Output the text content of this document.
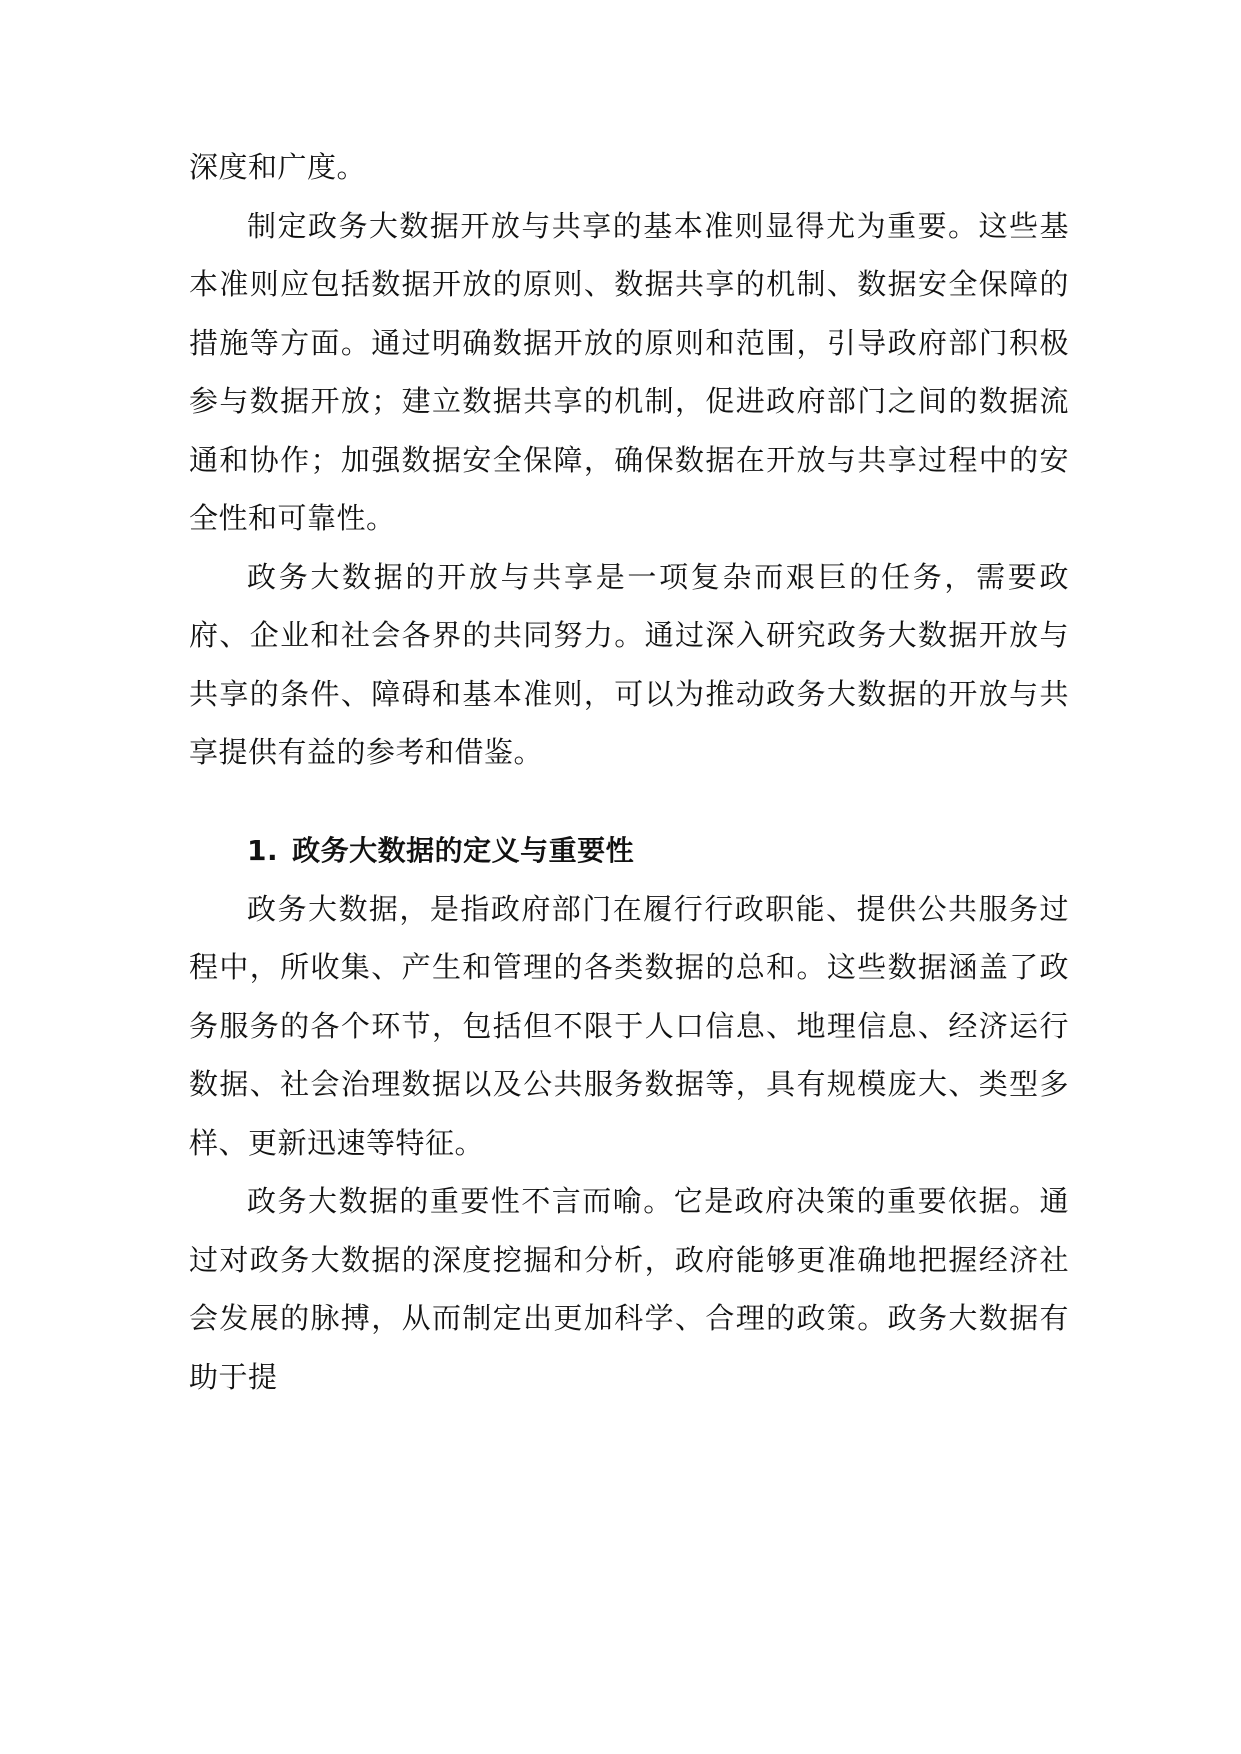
深度和广度。

制定政务大数据开放与共享的基本准则显得尤为重要。这些基本准则应包括数据开放的原则、数据共享的机制、数据安全保障的措施等方面。通过明确数据开放的原则和范围，引导政府部门积极参与数据开放；建立数据共享的机制，促进政府部门之间的数据流通和协作；加强数据安全保障，确保数据在开放与共享过程中的安全性和可靠性。

政务大数据的开放与共享是一项复杂而艰巨的任务，需要政府、企业和社会各界的共同努力。通过深入研究政务大数据开放与共享的条件、障碍和基本准则，可以为推动政务大数据的开放与共享提供有益的参考和借鉴。

1. 政务大数据的定义与重要性

政务大数据，是指政府部门在履行行政职能、提供公共服务过程中，所收集、产生和管理的各类数据的总和。这些数据涵盖了政务服务的各个环节，包括但不限于人口信息、地理信息、经济运行数据、社会治理数据以及公共服务数据等，具有规模庞大、类型多样、更新迅速等特征。

政务大数据的重要性不言而喻。它是政府决策的重要依据。通过对政务大数据的深度挖掘和分析，政府能够更准确地把握经济社会发展的脉搏，从而制定出更加科学、合理的政策。政务大数据有助于提
